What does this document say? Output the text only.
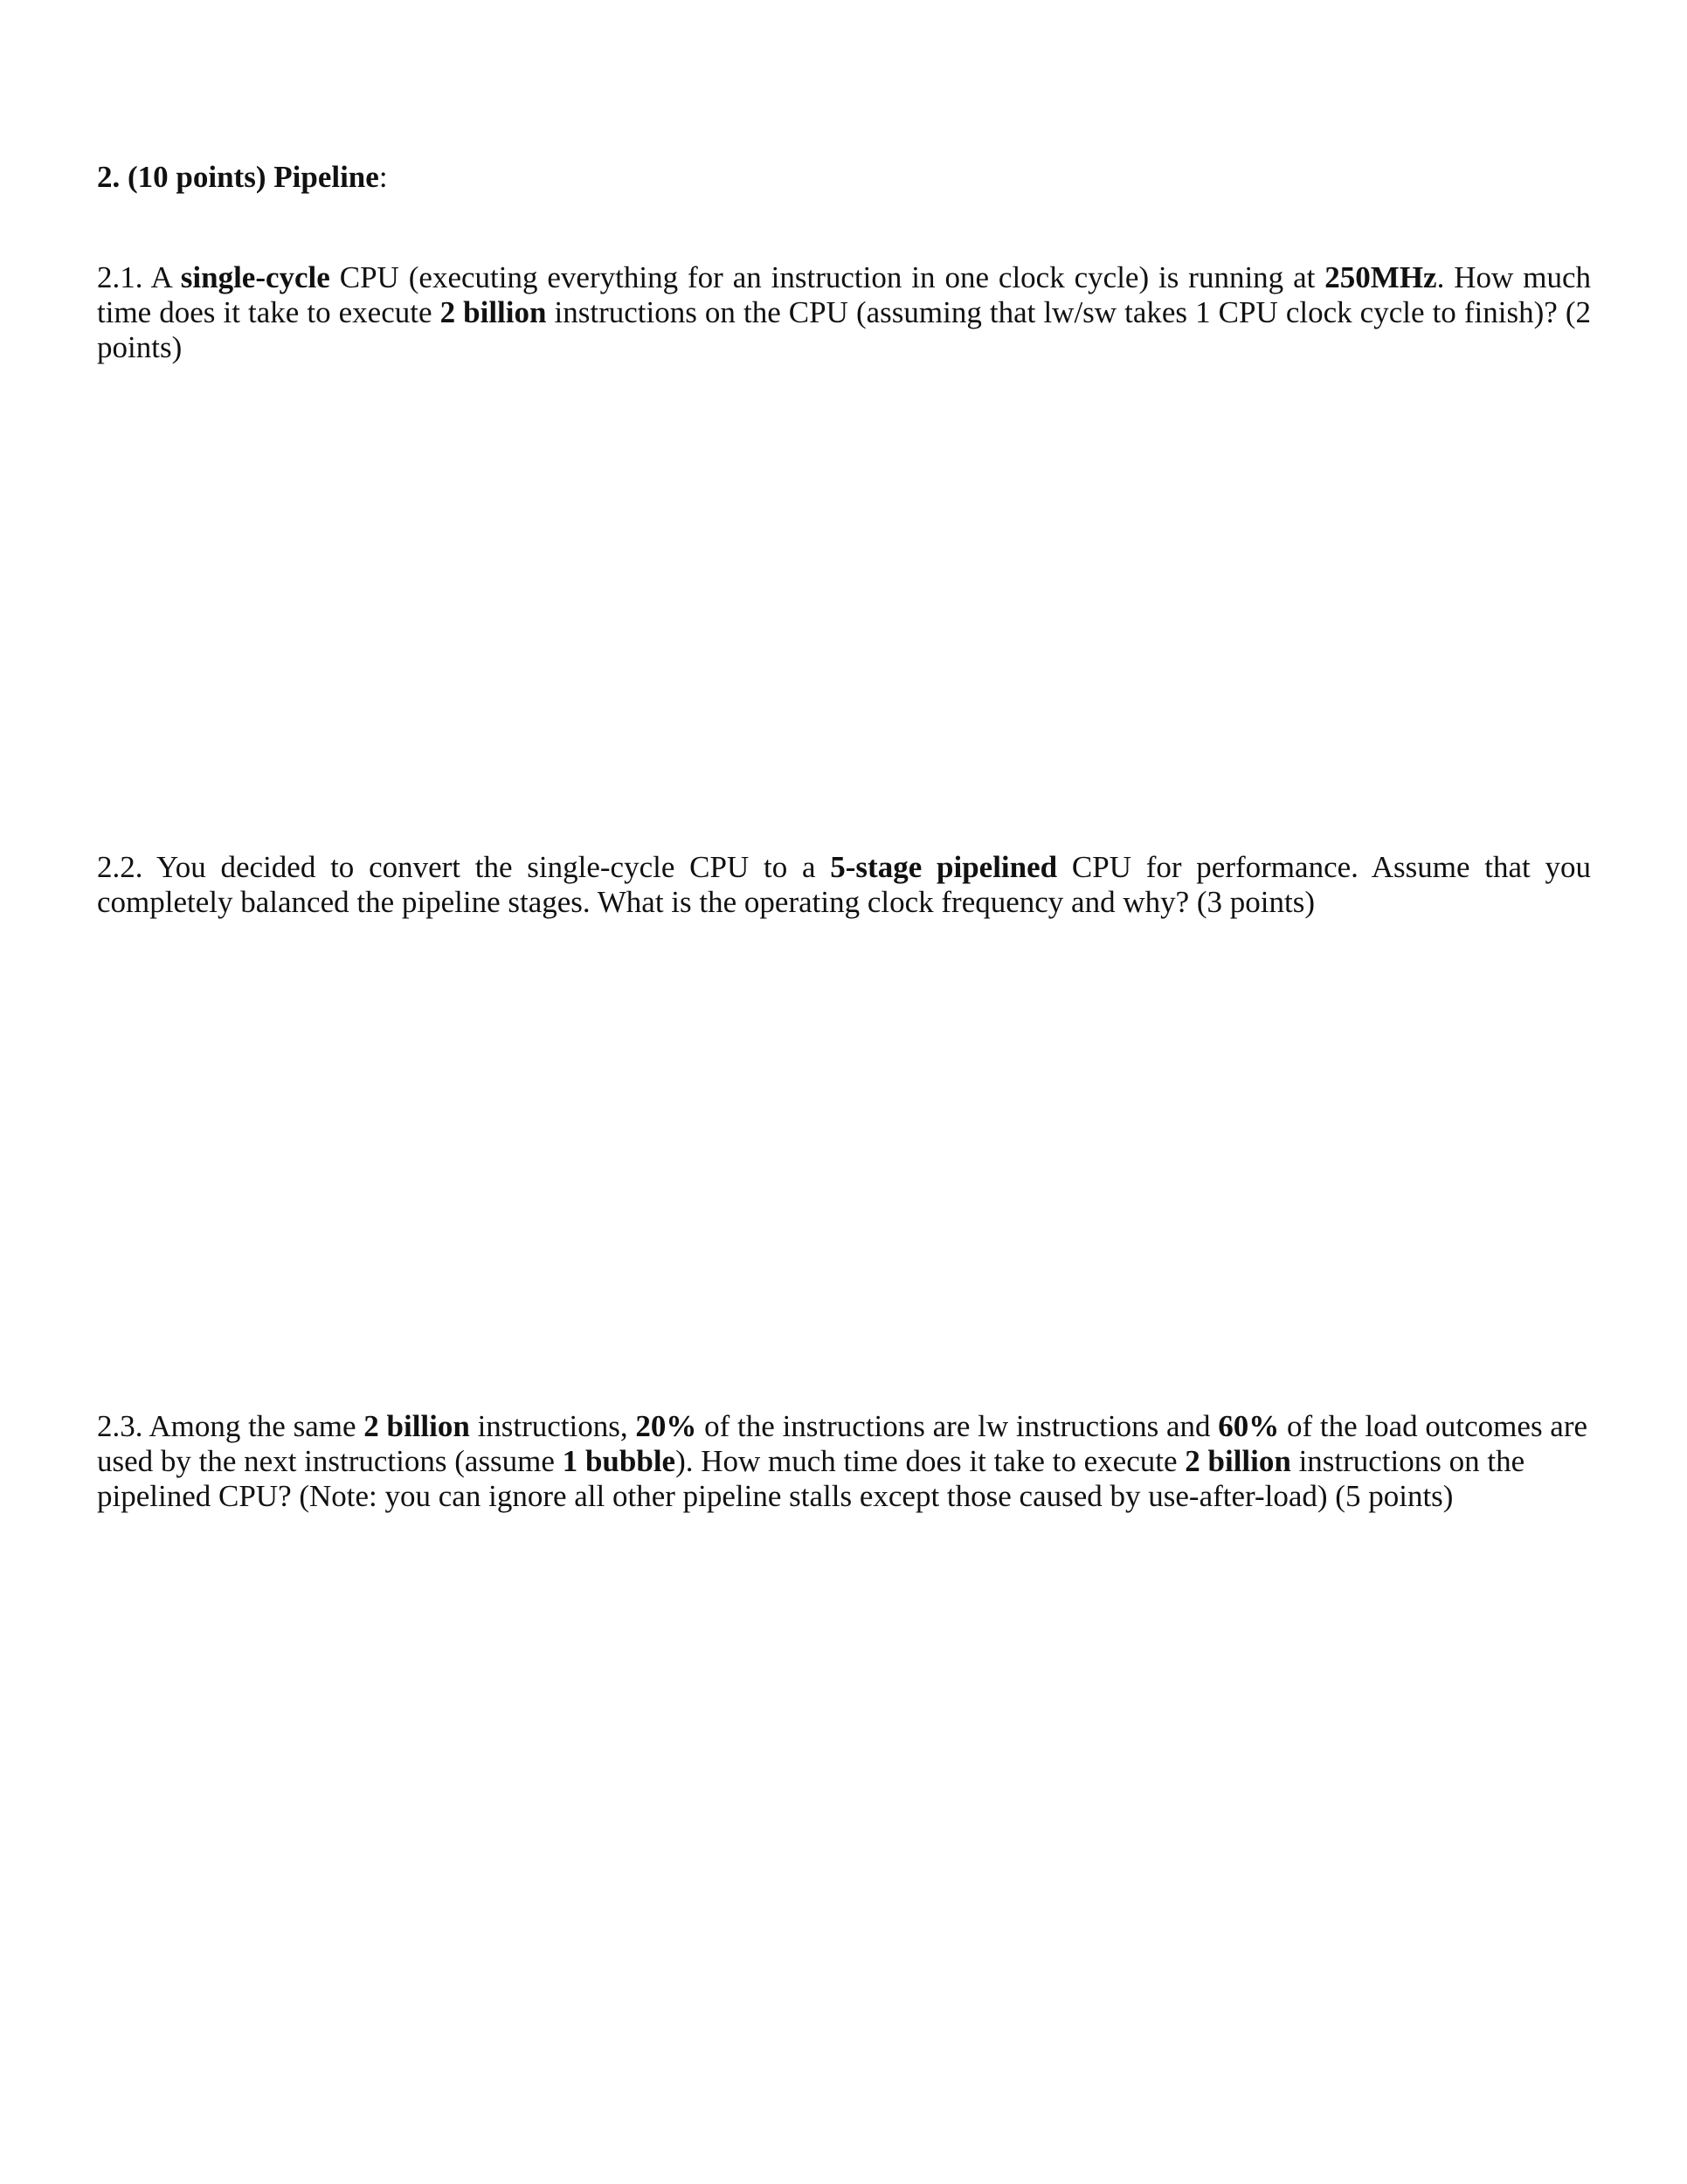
2. (10 points) Pipeline:

2.1. A single-cycle CPU (executing everything for an instruction in one clock cycle) is running at 250MHz. How much time does it take to execute 2 billion instructions on the CPU (assuming that lw/sw takes 1 CPU clock cycle to finish)? (2 points)

2.2. You decided to convert the single-cycle CPU to a 5-stage pipelined CPU for performance. Assume that you completely balanced the pipeline stages. What is the operating clock frequency and why? (3 points)

2.3. Among the same 2 billion instructions, 20% of the instructions are lw instructions and 60% of the load outcomes are used by the next instructions (assume 1 bubble). How much time does it take to execute 2 billion instructions on the pipelined CPU? (Note: you can ignore all other pipeline stalls except those caused by use-after-load) (5 points)
